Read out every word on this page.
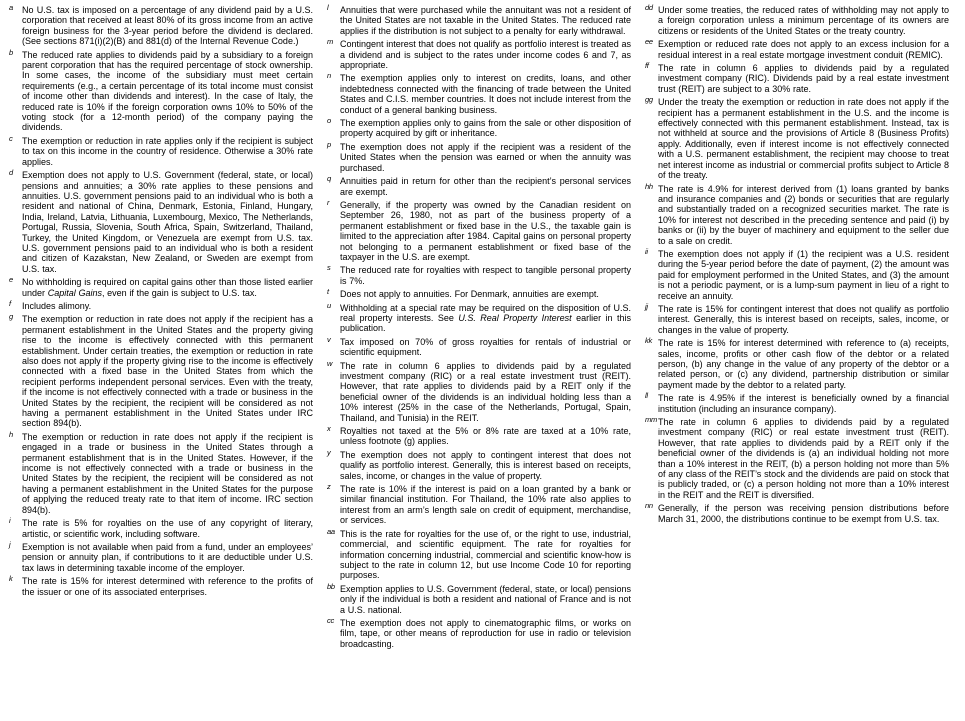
a No U.S. tax is imposed on a percentage of any dividend paid by a U.S. corporation that received at least 80% of its gross income from an active foreign business for the 3-year period before the dividend is declared. (See sections 871(i)(2)(B) and 881(d) of the Internal Revenue Code.)
b The reduced rate applies to dividends paid by a subsidiary to a foreign parent corporation that has the required percentage of stock ownership. In some cases, the income of the subsidiary must meet certain requirements (e.g., a certain percentage of its total income must consist of income other than dividends and interest). In the case of Italy, the reduced rate is 10% if the foreign corporation owns 10% to 50% of the voting stock (for a 12-month period) of the company paying the dividends.
c The exemption or reduction in rate applies only if the recipient is subject to tax on this income in the country of residence. Otherwise a 30% rate applies.
d Exemption does not apply to U.S. Government (federal, state, or local) pensions and annuities; a 30% rate applies to these pensions and annuities. U.S. government pensions paid to an individual who is both a resident and national of China, Denmark, Estonia, Finland, Hungary, India, Ireland, Latvia, Lithuania, Luxembourg, Mexico, The Netherlands, Portugal, Russia, Slovenia, South Africa, Spain, Switzerland, Thailand, Turkey, the United Kingdom, or Venezuela are exempt from U.S. tax. U.S. government pensions paid to an individual who is both a resident and citizen of Kazakstan, New Zealand, or Sweden are exempt from U.S. tax.
e No withholding is required on capital gains other than those listed earlier under Capital Gains, even if the gain is subject to U.S. tax.
f Includes alimony.
g The exemption or reduction in rate does not apply if the recipient has a permanent establishment in the United States and the property giving rise to the income is effectively connected with this permanent establishment. Under certain treaties, the exemption or reduction in rate also does not apply if the property giving rise to the income is effectively connected with a fixed base in the United States from which the recipient performs independent personal services. Even with the treaty, if the income is not effectively connected with a trade or business in the United States by the recipient, the recipient will be considered as not having a permanent establishment in the United States under IRC section 894(b).
h The exemption or reduction in rate does not apply if the recipient is engaged in a trade or business in the United States through a permanent establishment that is in the United States. However, if the income is not effectively connected with a trade or business in the United States by the recipient, the recipient will be considered as not having a permanent establishment in the United States for the purpose of applying the reduced treaty rate to that item of income. IRC section 894(b).
i The rate is 5% for royalties on the use of any copyright of literary, artistic, or scientific work, including software.
j Exemption is not available when paid from a fund, under an employees’ pension or annuity plan, if contributions to it are deductible under U.S. tax laws in determining taxable income of the employer.
k The rate is 15% for interest determined with reference to the profits of the issuer or one of its associated enterprises.
l Annuities that were purchased while the annuitant was not a resident of the United States are not taxable in the United States. The reduced rate applies if the distribution is not subject to a penalty for early withdrawal.
m Contingent interest that does not qualify as portfolio interest is treated as a dividend and is subject to the rates under income codes 6 and 7, as appropriate.
n The exemption applies only to interest on credits, loans, and other indebtedness connected with the financing of trade between the United States and C.I.S. member countries. It does not include interest from the conduct of a general banking business.
o The exemption applies only to gains from the sale or other disposition of property acquired by gift or inheritance.
p The exemption does not apply if the recipient was a resident of the United States when the pension was earned or when the annuity was purchased.
q Annuities paid in return for other than the recipient’s personal services are exempt.
r Generally, if the property was owned by the Canadian resident on September 26, 1980, not as part of the business property of a permanent establishment or fixed base in the U.S., the taxable gain is limited to the appreciation after 1984. Capital gains on personal property not belonging to a permanent establishment or fixed base of the taxpayer in the U.S. are exempt.
s The reduced rate for royalties with respect to tangible personal property is 7%.
t Does not apply to annuities. For Denmark, annuities are exempt.
u Withholding at a special rate may be required on the disposition of U.S. real property interests. See U.S. Real Property Interest earlier in this publication.
v Tax imposed on 70% of gross royalties for rentals of industrial or scientific equipment.
w The rate in column 6 applies to dividends paid by a regulated investment company (RIC) or a real estate investment trust (REIT). However, that rate applies to dividends paid by a REIT only if the beneficial owner of the dividends is an individual holding less than a 10% interest (25% in the case of the Netherlands, Portugal, Spain, Thailand, and Tunisia) in the REIT.
x Royalties not taxed at the 5% or 8% rate are taxed at a 10% rate, unless footnote (g) applies.
y The exemption does not apply to contingent interest that does not qualify as portfolio interest. Generally, this is interest based on receipts, sales, income, or changes in the value of property.
z The rate is 10% if the interest is paid on a loan granted by a bank or similar financial institution. For Thailand, the 10% rate also applies to interest from an arm’s length sale on credit of equipment, merchandise, or services.
aa This is the rate for royalties for the use of, or the right to use, industrial, commercial, and scientific equipment. The rate for royalties for information concerning industrial, commercial and scientific know-how is subject to the rate in column 12, but use Income Code 10 for reporting purposes.
bb Exemption applies to U.S. Government (federal, state, or local) pensions only if the individual is both a resident and national of France and is not a U.S. national.
cc The exemption does not apply to cinematographic films, or works on film, tape, or other means of reproduction for use in radio or television broadcasting.
dd Under some treaties, the reduced rates of withholding may not apply to a foreign corporation unless a minimum percentage of its owners are citizens or residents of the United States or the treaty country.
ee Exemption or reduced rate does not apply to an excess inclusion for a residual interest in a real estate mortgage investment conduit (REMIC).
ff The rate in column 6 applies to dividends paid by a regulated investment company (RIC). Dividends paid by a real estate investment trust (REIT) are subject to a 30% rate.
gg Under the treaty the exemption or reduction in rate does not apply if the recipient has a permanent establishment in the U.S. and the income is effectively connected with this permanent establishment. Instead, tax is not withheld at source and the provisions of Article 8 (Business Profits) apply. Additionally, even if interest income is not effectively connected with a U.S. permanent establishment, the recipient may choose to treat net interest income as industrial or commercial profits subject to Article 8 of the treaty.
hh The rate is 4.9% for interest derived from (1) loans granted by banks and insurance companies and (2) bonds or securities that are regularly and substantially traded on a recognized securities market. The rate is 10% for interest not described in the preceding sentence and paid (i) by banks or (ii) by the buyer of machinery and equipment to the seller due to a sale on credit.
ii The exemption does not apply if (1) the recipient was a U.S. resident during the 5-year period before the date of payment, (2) the amount was paid for employment performed in the United States, and (3) the amount is not a periodic payment, or is a lump-sum payment in lieu of a right to receive an annuity.
jj The rate is 15% for contingent interest that does not qualify as portfolio interest. Generally, this is interest based on receipts, sales, income, or changes in the value of property.
kk The rate is 15% for interest determined with reference to (a) receipts, sales, income, profits or other cash flow of the debtor or a related person, (b) any change in the value of any property of the debtor or a related person, or (c) any dividend, partnership distribution or similar payment made by the debtor to a related party.
ll The rate is 4.95% if the interest is beneficially owned by a financial institution (including an insurance company).
mm The rate in column 6 applies to dividends paid by a regulated investment company (RIC) or real estate investment trust (REIT). However, that rate applies to dividends paid by a REIT only if the beneficial owner of the dividends is (a) an individual holding not more than a 10% interest in the REIT, (b) a person holding not more than 5% of any class of the REIT’s stock and the dividends are paid on stock that is publicly traded, or (c) a person holding not more than a 10% interest in the REIT and the REIT is diversified.
nn Generally, if the person was receiving pension distributions before March 31, 2000, the distributions continue to be exempt from U.S. tax.
